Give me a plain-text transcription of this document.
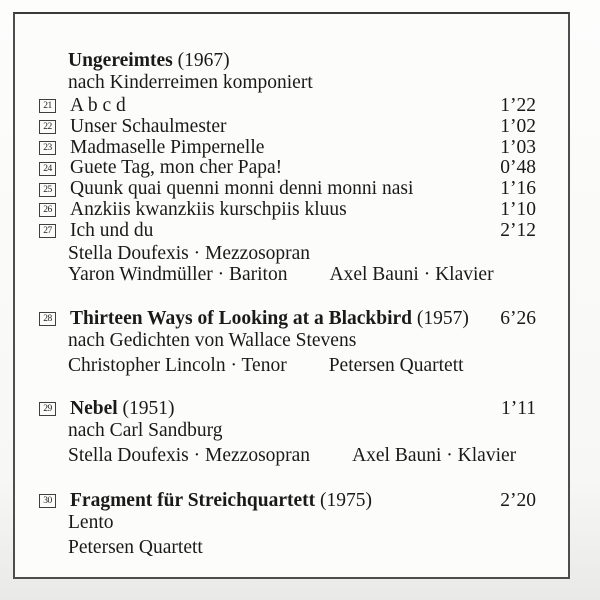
Ungereimtes (1967)
nach Kinderreimen komponiert
21 A b c d	1’22
22 Unser Schaulmester	1’02
23 Madmaselle Pimpernelle	1’03
24 Guete Tag, mon cher Papa!	0’48
25 Quunk quai quenni monni denni monni nasi	1’16
26 Anzkiis kwanzkiis kurschpiis kluus	1’10
27 Ich und du	2’12
Stella Doufexis · Mezzosopran
Yaron Windmüller · Bariton Axel Bauni · Klavier
28 Thirteen Ways of Looking at a Blackbird (1957)	6’26
nach Gedichten von Wallace Stevens
Christopher Lincoln · Tenor Petersen Quartett
29 Nebel (1951)	1’11
nach Carl Sandburg
Stella Doufexis · Mezzosopran Axel Bauni · Klavier
30 Fragment für Streichquartett (1975)	2’20
Lento
Petersen Quartett
